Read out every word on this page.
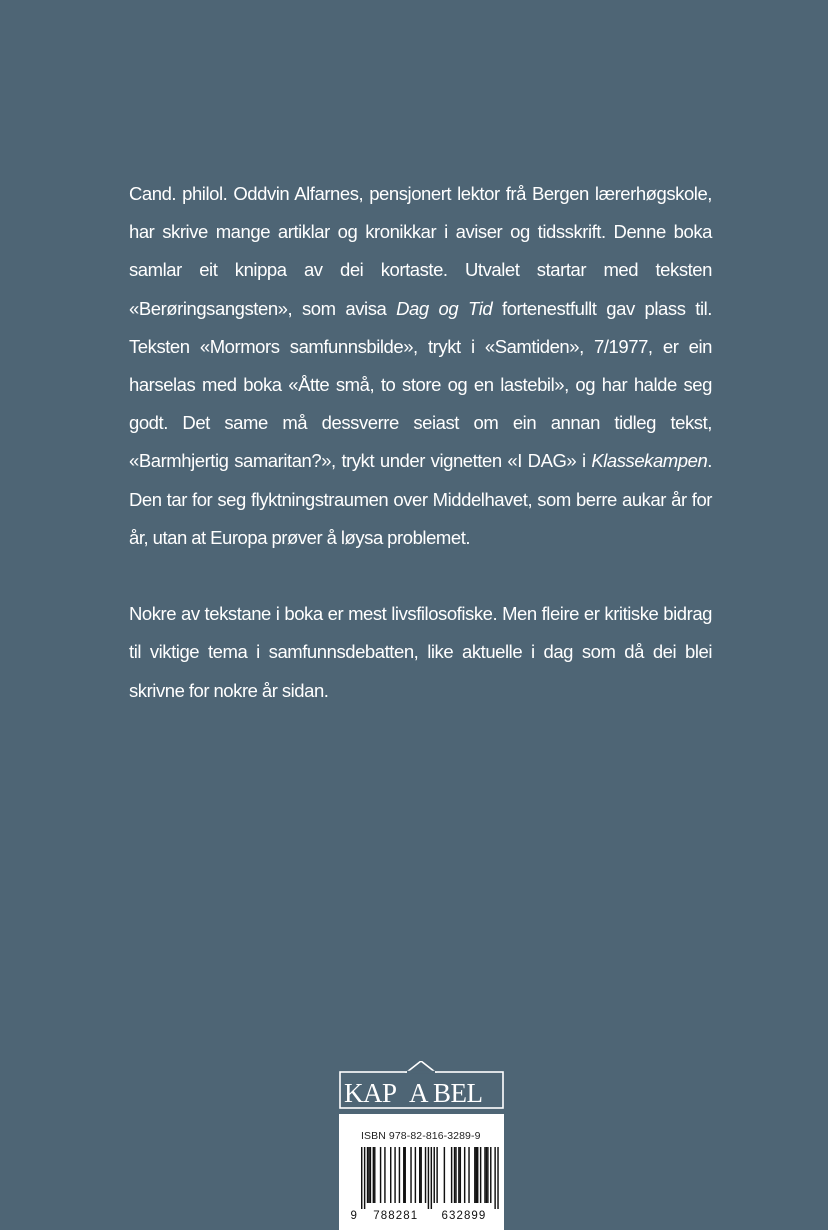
Cand. philol. Oddvin Alfarnes, pensjonert lektor frå Bergen lærerhøgskole, har skrive mange artiklar og kronikkar i aviser og tidsskrift. Denne boka samlar eit knippa av dei kortaste. Utvalet startar med teksten «Berøringsangsten», som avisa Dag og Tid fortenestfullt gav plass til. Teksten «Mormors samfunnsbilde», trykt i «Samtiden», 7/1977, er ein harselas med boka «Åtte små, to store og en lastebil», og har halde seg godt. Det same må dessverre seiast om ein annan tidleg tekst, «Barmhjertig samaritan?», trykt under vignetten «I DAG» i Klassekampen. Den tar for seg flyktningstraumen over Middelhavet, som berre aukar år for år, utan at Europa prøver å løysa problemet.

Nokre av tekstane i boka er mest livsfilosofiske. Men fleire er kritiske bidrag til viktige tema i samfunnsdebatten, like aktuelle i dag som då dei blei skrivne for nokre år sidan.

KAP A BEL
ISBN 978-82-816-3289-9
9 788281 632899
